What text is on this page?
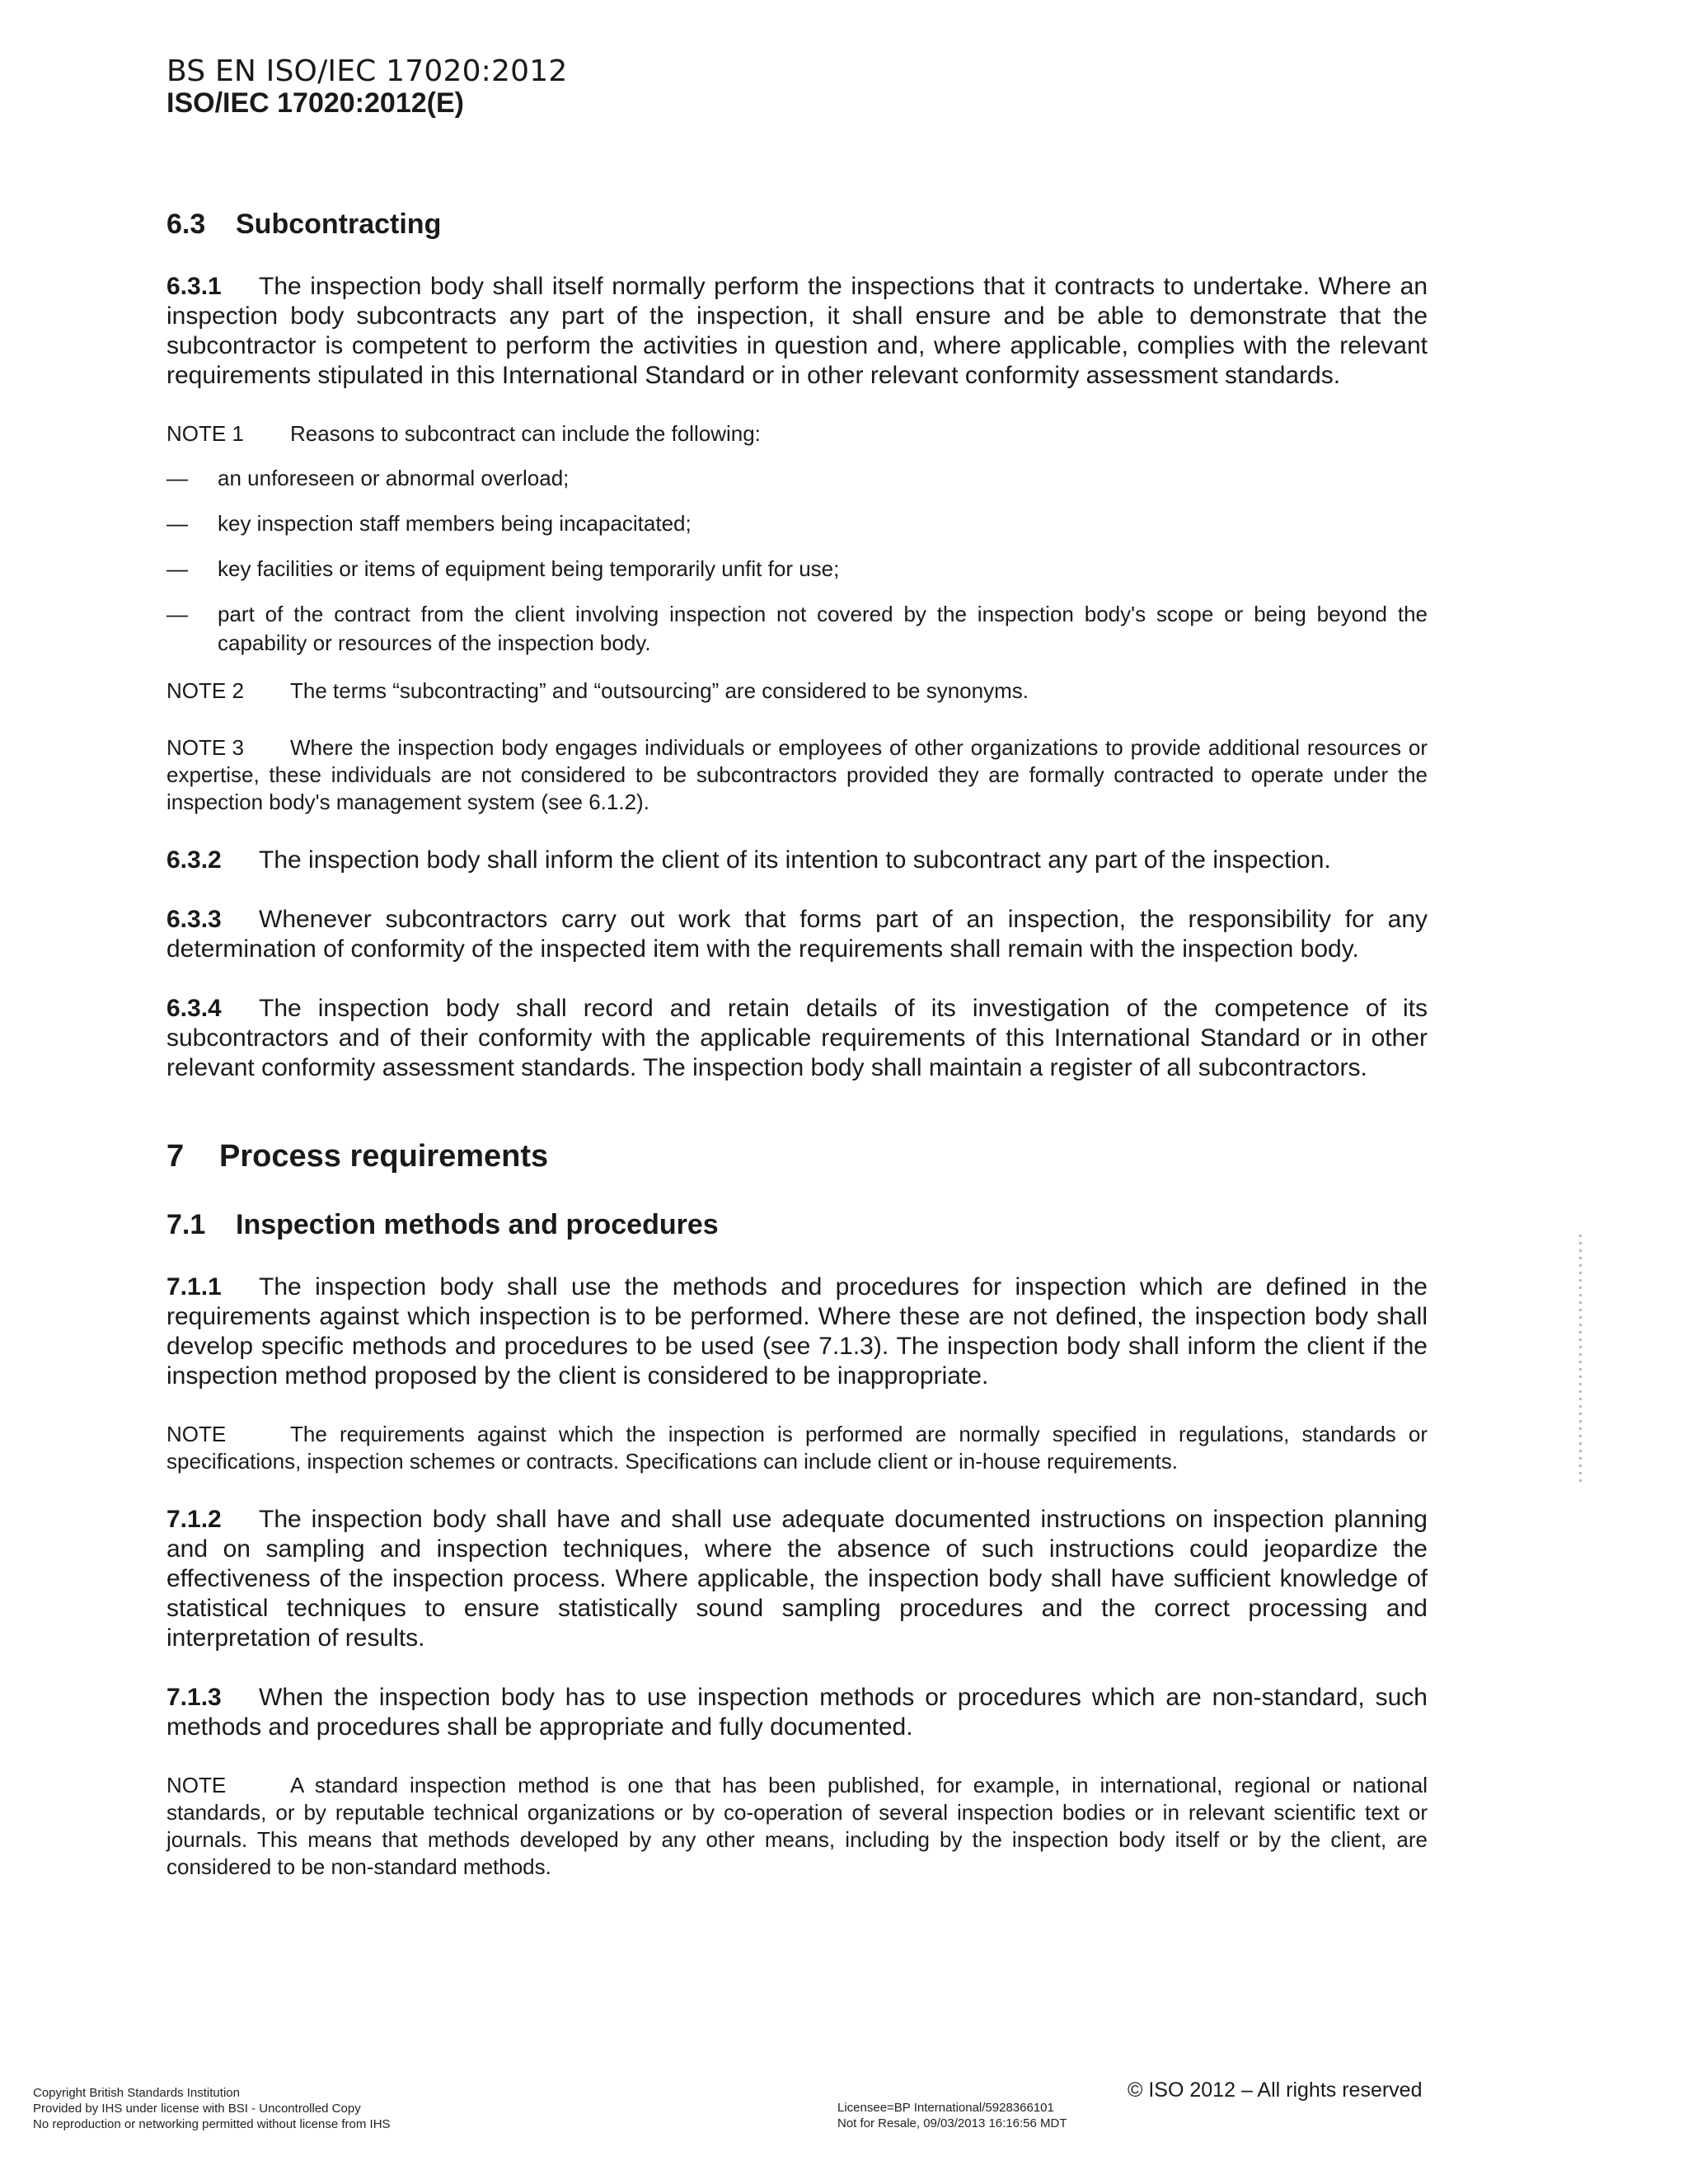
BS EN ISO/IEC 17020:2012
ISO/IEC 17020:2012(E)
6.3 Subcontracting

6.3.1 The inspection body shall itself normally perform the inspections that it contracts to undertake. Where an inspection body subcontracts any part of the inspection, it shall ensure and be able to demonstrate that the subcontractor is competent to perform the activities in question and, where applicable, complies with the relevant requirements stipulated in this International Standard or in other relevant conformity assessment standards.

NOTE 1 Reasons to subcontract can include the following:

— an unforeseen or abnormal overload;
— key inspection staff members being incapacitated;
— key facilities or items of equipment being temporarily unfit for use;
— part of the contract from the client involving inspection not covered by the inspection body's scope or being beyond the capability or resources of the inspection body.

NOTE 2 The terms “subcontracting” and “outsourcing” are considered to be synonyms.

NOTE 3 Where the inspection body engages individuals or employees of other organizations to provide additional resources or expertise, these individuals are not considered to be subcontractors provided they are formally contracted to operate under the inspection body's management system (see 6.1.2).

6.3.2 The inspection body shall inform the client of its intention to subcontract any part of the inspection.

6.3.3 Whenever subcontractors carry out work that forms part of an inspection, the responsibility for any determination of conformity of the inspected item with the requirements shall remain with the inspection body.

6.3.4 The inspection body shall record and retain details of its investigation of the competence of its subcontractors and of their conformity with the applicable requirements of this International Standard or in other relevant conformity assessment standards. The inspection body shall maintain a register of all subcontractors.

7 Process requirements
7.1 Inspection methods and procedures

7.1.1 The inspection body shall use the methods and procedures for inspection which are defined in the requirements against which inspection is to be performed. Where these are not defined, the inspection body shall develop specific methods and procedures to be used (see 7.1.3). The inspection body shall inform the client if the inspection method proposed by the client is considered to be inappropriate.

NOTE	The requirements against which the inspection is performed are normally specified in regulations, standards or specifications, inspection schemes or contracts. Specifications can include client or in-house requirements.

7.1.2 The inspection body shall have and shall use adequate documented instructions on inspection planning and on sampling and inspection techniques, where the absence of such instructions could jeopardize the effectiveness of the inspection process. Where applicable, the inspection body shall have sufficient knowledge of statistical techniques to ensure statistically sound sampling procedures and the correct processing and interpretation of results.

7.1.3 When the inspection body has to use inspection methods or procedures which are non-standard, such methods and procedures shall be appropriate and fully documented.

NOTE	A standard inspection method is one that has been published, for example, in international, regional or national standards, or by reputable technical organizations or by co-operation of several inspection bodies or in relevant scientific text or journals. This means that methods developed by any other means, including by the inspection body itself or by the client, are considered to be non-standard methods.

Copyright British Standards Institution
Provided by IHS under license with BSI - Uncontrolled Copy
No reproduction or networking permitted without license from IHS
Licensee=BP International/5928366101
Not for Resale, 09/03/2013 16:16:56 MDT
© ISO 2012 – All rights reserved
